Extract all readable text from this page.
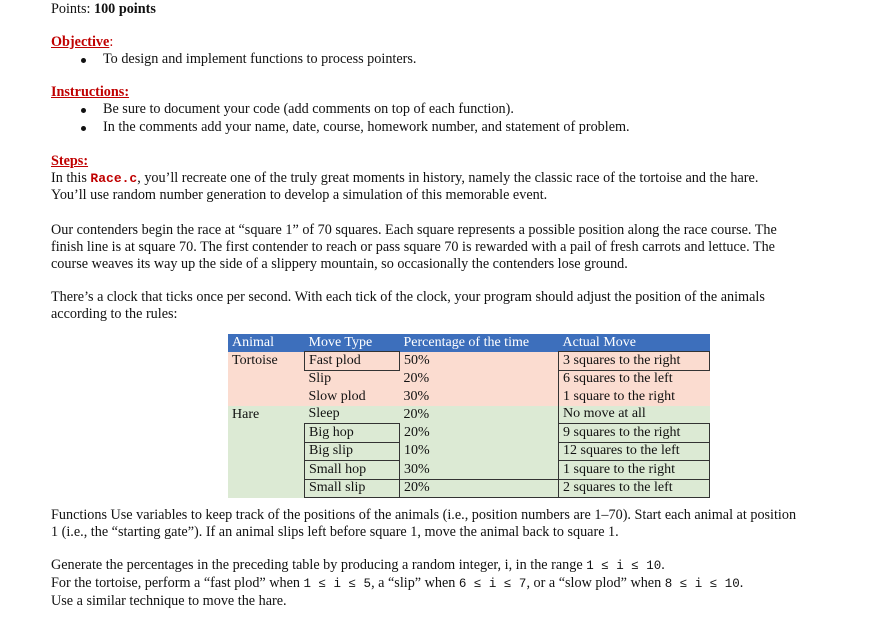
Points: 100 points
Objective:
To design and implement functions to process pointers.
Instructions:
Be sure to document your code (add comments on top of each function).
In the comments add your name, date, course, homework number, and statement of problem.
Steps:
In this Race.c, you’ll recreate one of the truly great moments in history, namely the classic race of the tortoise and the hare.
You’ll use random number generation to develop a simulation of this memorable event.
Our contenders begin the race at “square 1” of 70 squares. Each square represents a possible position along the race course. The
finish line is at square 70. The first contender to reach or pass square 70 is rewarded with a pail of fresh carrots and lettuce. The
course weaves its way up the side of a slippery mountain, so occasionally the contenders lose ground.
There’s a clock that ticks once per second. With each tick of the clock, your program should adjust the position of the animals
according to the rules:
Animal	Move Type	Percentage of the time	Actual Move
Tortoise	Fast plod	50%	3 squares to the right
	Slip	20%	6 squares to the left
	Slow plod	30%	1 square to the right
Hare	Sleep	20%	No move at all
	Big hop	20%	9 squares to the right
	Big slip	10%	12 squares to the left
	Small hop	30%	1 square to the right
	Small slip	20%	2 squares to the left
Functions Use variables to keep track of the positions of the animals (i.e., position numbers are 1–70). Start each animal at position
1 (i.e., the “starting gate”). If an animal slips left before square 1, move the animal back to square 1.
Generate the percentages in the preceding table by producing a random integer, i, in the range 1 ≤ i ≤ 10.
For the tortoise, perform a “fast plod” when 1 ≤ i ≤ 5, a “slip” when 6 ≤ i ≤ 7, or a “slow plod” when 8 ≤ i ≤ 10.
Use a similar technique to move the hare.
